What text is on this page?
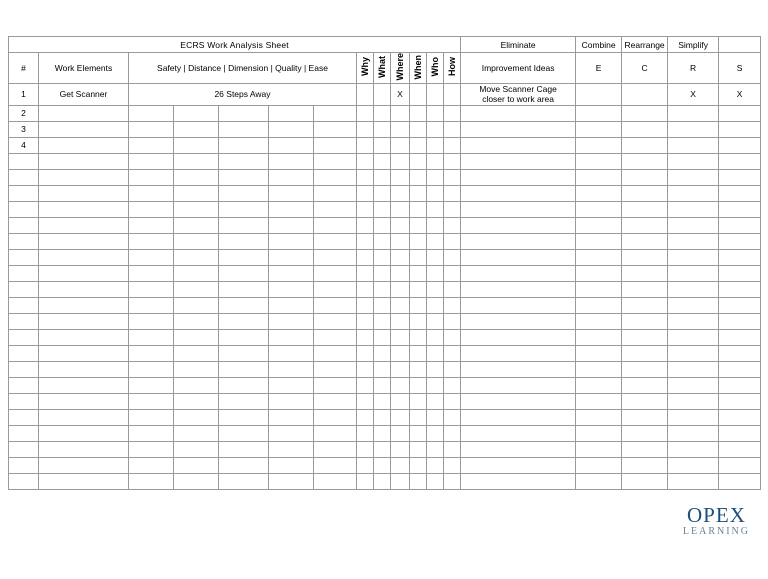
ECRS Work Analysis Sheet													Eliminate	Combine	Rearrange	Simplify		
#	Work Elements	Safety | Distance | Dimension | Quality | Ease					Why	What	Where	When	Who	How	Improvement Ideas	E	C	R	S	
1	Get Scanner	26 Steps Away							X				Move Scanner Cage
closer to work area			X	X	
2																		
3																		
4																		

OPEX
LEARNING
